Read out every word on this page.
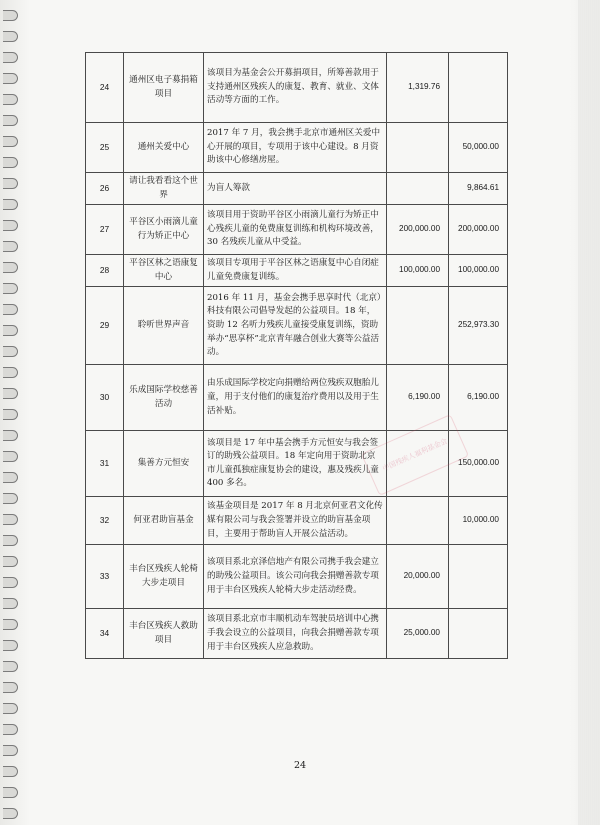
24	通州区电子募捐箱项目	该项目为基金会公开募捐项目，所筹善款用于支持通州区残疾人的康复、教育、就业、文体活动等方面的工作。	1,319.76	
25	通州关爱中心	2017 年 7 月，我会携手北京市通州区关爱中心开展的项目，专项用于该中心建设。8 月资助该中心修缮房屋。		50,000.00
26	请让我看看这个世界	为盲人筹款		9,864.61
27	平谷区小雨滴儿童行为矫正中心	该项目用于资助平谷区小雨滴儿童行为矫正中心残疾儿童的免费康复训练和机构环境改善，30 名残疾儿童从中受益。	200,000.00	200,000.00
28	平谷区林之语康复中心	该项目专项用于平谷区林之语康复中心自闭症儿童免费康复训练。	100,000.00	100,000.00
29	聆听世界声音	2016 年 11 月，基金会携手思享时代（北京）科技有限公司倡导发起的公益项目。18 年，资助 12 名听力残疾儿童接受康复训练，资助举办“思享杯”北京青年融合创业大赛等公益活动。		252,973.30
30	乐成国际学校慈善活动	由乐成国际学校定向捐赠给两位残疾双胞胎儿童，用于支付他们的康复治疗费用以及用于生活补贴。	6,190.00	6,190.00
31	集善方元恒安	该项目是 17 年中基会携手方元恒安与我会签订的助残公益项目。18 年定向用于资助北京市儿童孤独症康复协会的建设，惠及残疾儿童 400 多名。		150,000.00
32	何亚君助盲基金	该基金项目是 2017 年 8 月北京何亚君文化传媒有限公司与我会签署并设立的助盲基金项目，主要用于帮助盲人开展公益活动。		10,000.00
33	丰台区残疾人轮椅大步走项目	该项目系北京泽信地产有限公司携手我会建立的助残公益项目。该公司向我会捐赠善款专项用于丰台区残疾人轮椅大步走活动经费。	20,000.00	
34	丰台区残疾人救助项目	该项目系北京市丰顺机动车驾驶员培训中心携手我会设立的公益项目，向我会捐赠善款专项用于丰台区残疾人应急救助。	25,000.00	
中国残疾人福利基金会
24
